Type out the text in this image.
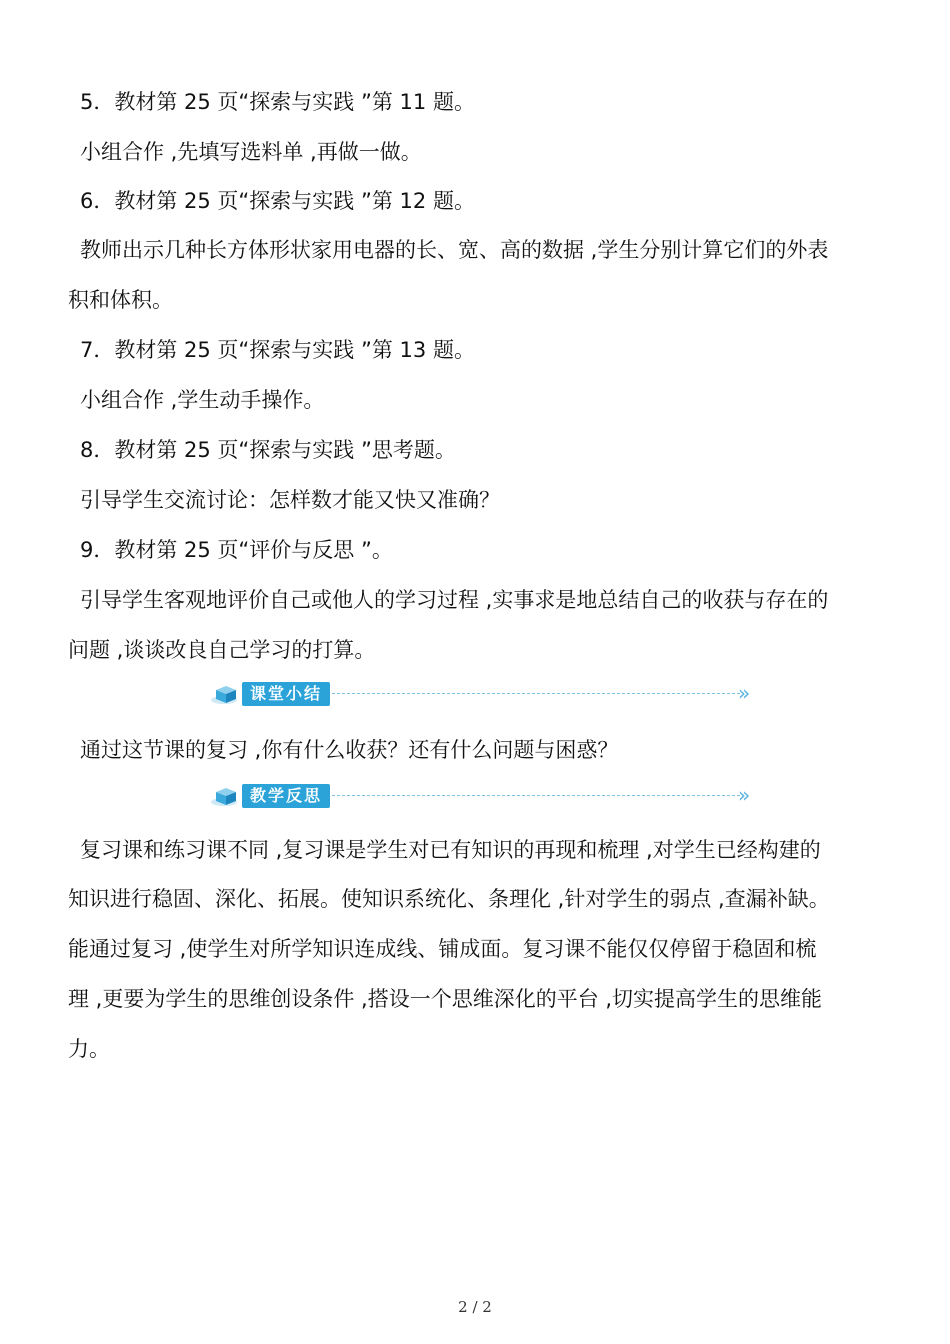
5．教材第 25 页“探索与实践 ”第 11 题。
小组合作 ,先填写选料单 ,再做一做。
6．教材第 25 页“探索与实践 ”第 12 题。
教师出示几种长方体形状家用电器的长、宽、高的数据 ,学生分别计算它们的外表
积和体积。
7．教材第 25 页“探索与实践 ”第 13 题。
小组合作 ,学生动手操作。
8．教材第 25 页“探索与实践 ”思考题。
引导学生交流讨论：怎样数才能又快又准确？
9．教材第 25 页“评价与反思 ”。
引导学生客观地评价自己或他人的学习过程 ,实事求是地总结自己的收获与存在的
问题 ,谈谈改良自己学习的打算。
课堂小结	»
通过这节课的复习 ,你有什么收获？还有什么问题与困惑？
教学反思	»
复习课和练习课不同 ,复习课是学生对已有知识的再现和梳理 ,对学生已经构建的
知识进行稳固、深化、拓展。使知识系统化、条理化 ,针对学生的弱点 ,查漏补缺。
能通过复习 ,使学生对所学知识连成线、铺成面。复习课不能仅仅停留于稳固和梳
理 ,更要为学生的思维创设条件 ,搭设一个思维深化的平台 ,切实提高学生的思维能
力。
2 / 2
